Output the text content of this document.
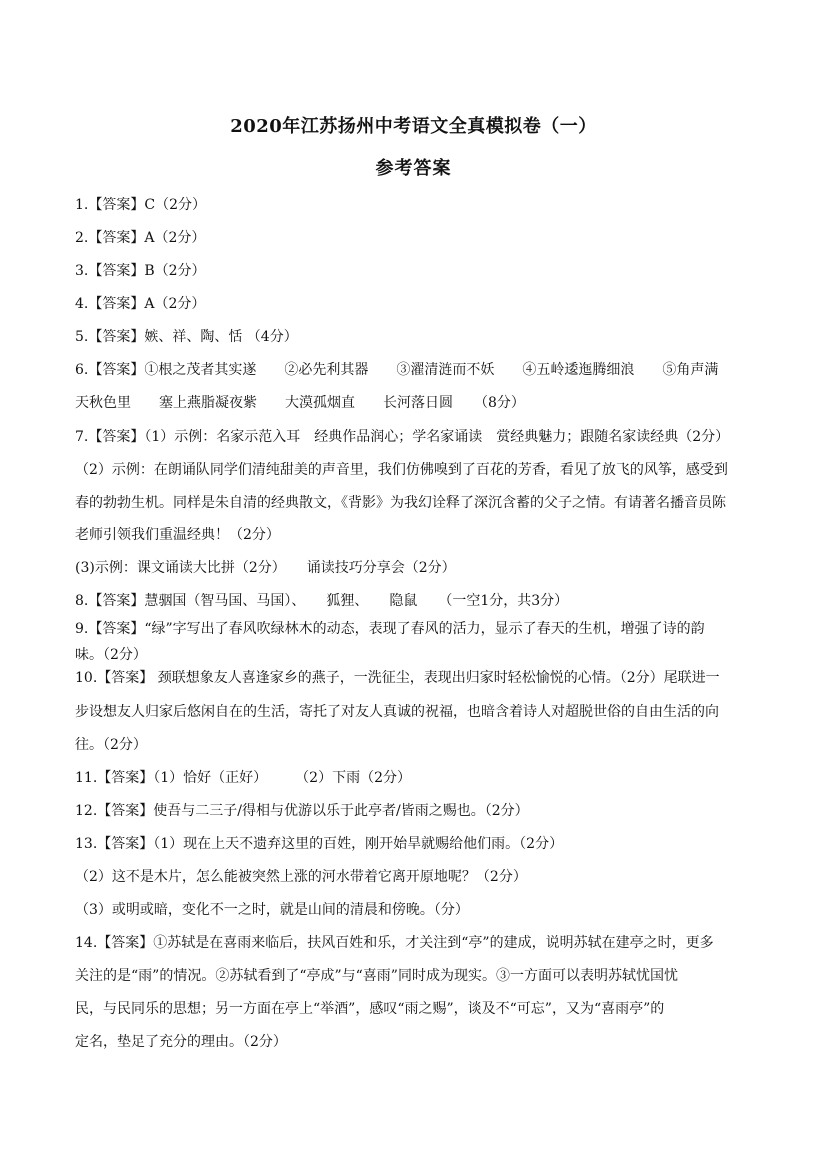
2020年江苏扬州中考语文全真模拟卷（一）
参考答案
1.【答案】C（2分）
2.【答案】A（2分）
3.【答案】B（2分）
4.【答案】A（2分）
5.【答案】嫉、祥、陶、恬 （4分）
6.【答案】①根之茂者其实遂　　②必先利其器　　③濯清涟而不妖　　④五岭逶迤腾细浪　　⑤角声满
天秋色里　　塞上燕脂凝夜紫　　大漠孤烟直　　长河落日圆　　（8分）
7.【答案】（1）示例：名家示范入耳　经典作品润心；学名家诵读　赏经典魅力；跟随名家读经典（2分）
（2）示例：在朗诵队同学们清纯甜美的声音里，我们仿佛嗅到了百花的芳香，看见了放飞的风筝，感受到
春的勃勃生机。同样是朱自清的经典散文，《背影》为我幻诠释了深沉含蓄的父子之情。有请著名播音员陈
老师引领我们重温经典！（2分）
(3)示例：课文诵读大比拼（2分）　　诵读技巧分享会（2分）
8.【答案】慧骃国（智马国、马国）、　　狐狸、　　隐鼠　　（一空1分，共3分）
9.【答案】“绿”字写出了春风吹绿林木的动态，表现了春风的活力，显示了春天的生机，增强了诗的韵
味。（2分）
10.【答案】 颈联想象友人喜逢家乡的燕子，一洗征尘，表现出归家时轻松愉悦的心情。（2分）尾联进一
步设想友人归家后悠闲自在的生活，寄托了对友人真诚的祝福，也暗含着诗人对超脱世俗的自由生活的向
往。（2分）
11.【答案】（1）恰好（正好）　　　（2）下雨（2分）
12.【答案】使吾与二三子/得相与优游以乐于此亭者/皆雨之赐也。（2分）
13.【答案】（1）现在上天不遗弃这里的百姓，刚开始旱就赐给他们雨。（2分）
（2）这不是木片，怎么能被突然上涨的河水带着它离开原地呢？（2分）
（3）或明或暗，变化不一之时，就是山间的清晨和傍晚。（分）
14.【答案】①苏轼是在喜雨来临后，扶风百姓和乐，才关注到“亭”的建成，说明苏轼在建亭之时，更多
关注的是“雨”的情况。②苏轼看到了“亭成”与“喜雨”同时成为现实。③一方面可以表明苏轼忧国忧
民，与民同乐的思想；另一方面在亭上“举酒”，感叹“雨之赐”，谈及不“可忘”，又为“喜雨亭”的
定名，垫足了充分的理由。（2分）
